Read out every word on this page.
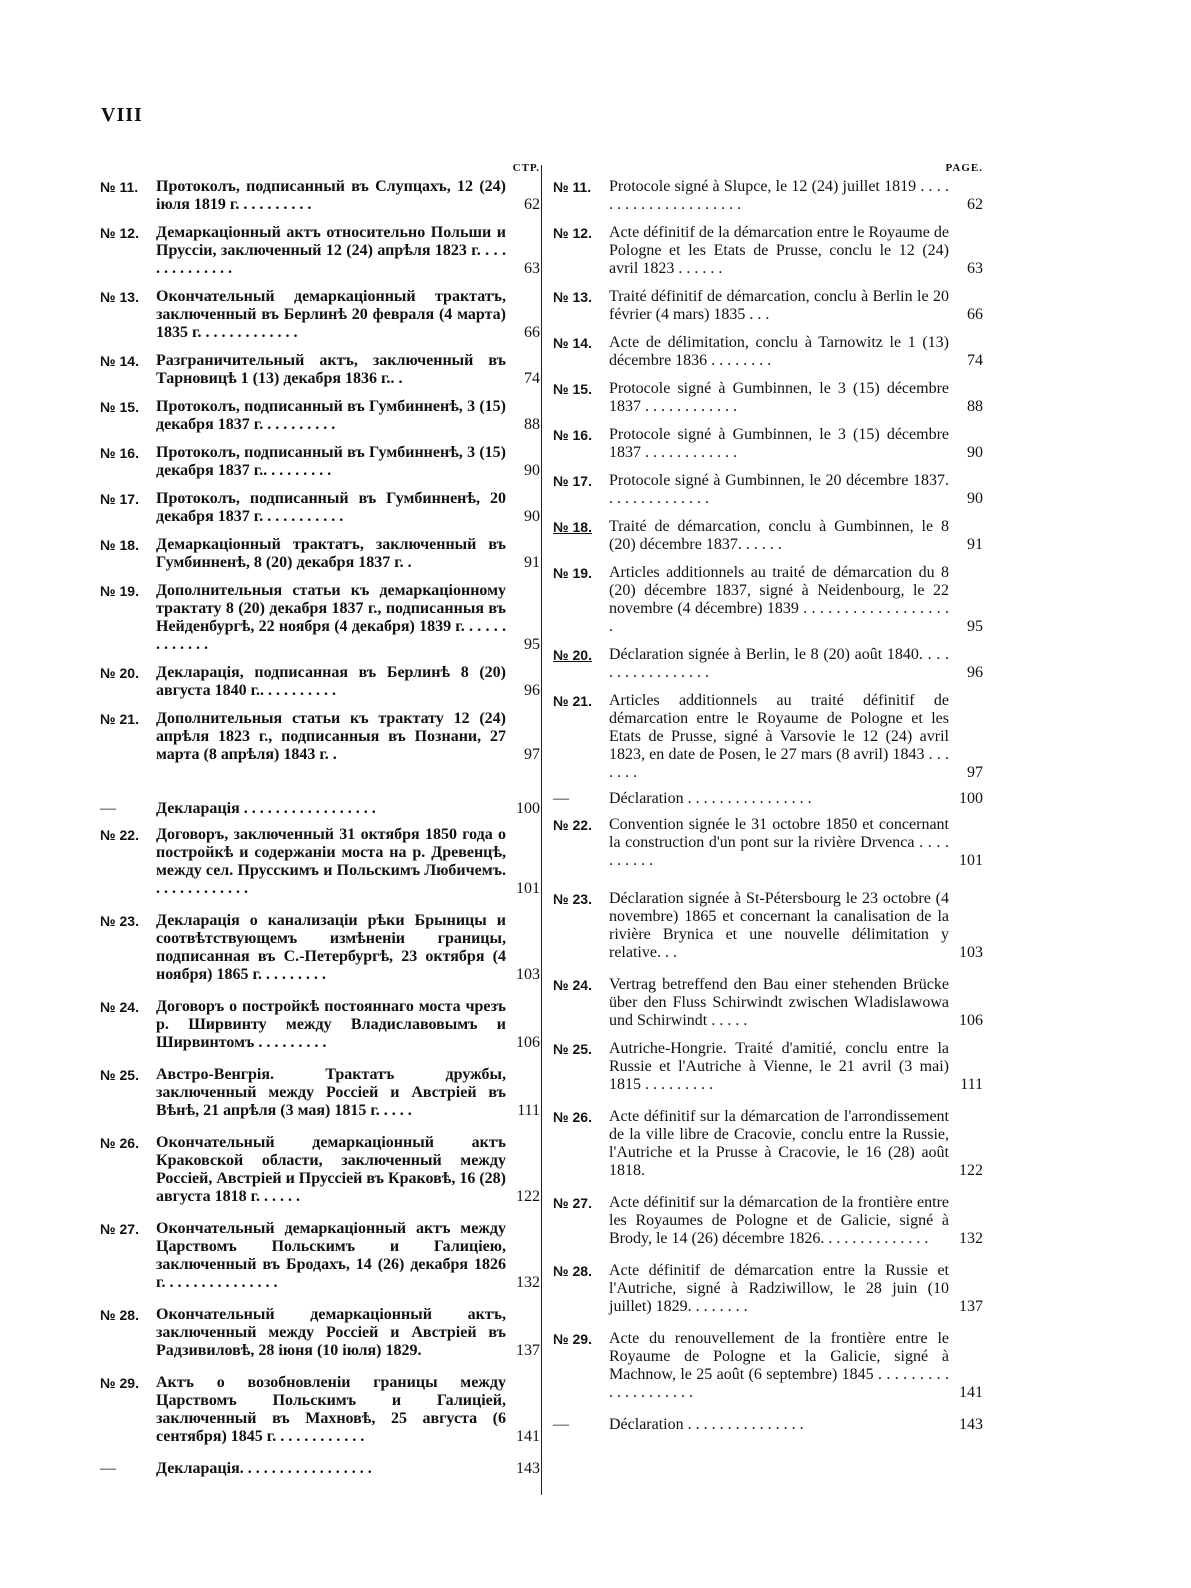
VIII
СТР.
№ 11.	Протоколъ, подписанный въ Слупцахъ, 12 (24) іюля 1819 г. . . . . . . . . .	62
№ 12.	Демаркаціонный актъ относительно Польши и Пруссіи, заключенный 12 (24) апрѣля 1823 г. . . . . . . . . . . . . .	63
№ 13.	Окончательный демаркаціонный трактатъ, заключенный въ Берлинѣ 20 февраля (4 марта) 1835 г. . . . . . . . . . . . .	66
№ 14.	Разграничительный актъ, заключенный въ Тарновицѣ 1 (13) декабря 1836 г.. .	74
№ 15.	Протоколъ, подписанный въ Гумбинненѣ, 3 (15) декабря 1837 г. . . . . . . . . .	88
№ 16.	Протоколъ, подписанный въ Гумбинненѣ, 3 (15) декабря 1837 г.. . . . . . . . .	90
№ 17.	Протоколъ, подписанный въ Гумбинненѣ, 20 декабря 1837 г. . . . . . . . . . .	90
№ 18.	Демаркаціонный трактатъ, заключенный въ Гумбинненѣ, 8 (20) декабря 1837 г. .	91
№ 19.	Дополнительныя статьи къ демаркаціонному трактату 8 (20) декабря 1837 г., подписанныя въ Нейденбургѣ, 22 ноября (4 декабря) 1839 г. . . . . . . . . . . . .	95
№ 20.	Декларація, подписанная въ Берлинѣ 8 (20) августа 1840 г.. . . . . . . . . .	96
№ 21.	Дополнительныя статьи къ трактату 12 (24) апрѣля 1823 г., подписанныя въ Познани, 27 марта (8 апрѣля) 1843 г. .	97
—	Декларація . . . . . . . . . . . . . . . . .	100
№ 22.	Договоръ, заключенный 31 октября 1850 года о постройкѣ и содержаніи моста на р. Древенцѣ, между сел. Прусскимъ и Польскимъ Любичемъ. . . . . . . . . . . . .	101
№ 23.	Декларація о канализаціи рѣки Брыницы и соотвѣтствующемъ измѣненіи границы, подписанная въ С.-Петербургѣ, 23 октября (4 ноября) 1865 г. . . . . . . . .	103
№ 24.	Договоръ о постройкѣ постояннаго моста чрезъ р. Ширвинту между Владиславовымъ и Ширвинтомъ . . . . . . . . .	106
№ 25.	Австро-Венгрія. Трактатъ дружбы, заключенный между Россіей и Австріей въ Вѣнѣ, 21 апрѣля (3 мая) 1815 г. . . . .	111
№ 26.	Окончательный демаркаціонный актъ Краковской области, заключенный между Россіей, Австріей и Пруссіей въ Краковѣ, 16 (28) августа 1818 г. . . . . .	122
№ 27.	Окончательный демаркаціонный актъ между Царствомъ Польскимъ и Галиціею, заключенный въ Бродахъ, 14 (26) декабря 1826 г. . . . . . . . . . . . . . .	132
№ 28.	Окончательный демаркаціонный актъ, заключенный между Россіей и Австріей въ Радзивиловѣ, 28 іюня (10 іюля) 1829.	137
№ 29.	Актъ о возобновленіи границы между Царствомъ Польскимъ и Галиціей, заключенный въ Махновѣ, 25 августа (6 сентября) 1845 г. . . . . . . . . . . .	141
—	Декларація. . . . . . . . . . . . . . . . .	143
PAGE.
№ 11.	Protocole signé à Slupce, le 12 (24) juillet 1819 . . . . . . . . . . . . . . . . . . . . .	62
№ 12.	Acte définitif de la démarcation entre le Royaume de Pologne et les Etats de Prusse, conclu le 12 (24) avril 1823 . . . . . .	63
№ 13.	Traité définitif de démarcation, conclu à Berlin le 20 février (4 mars) 1835 . . .	66
№ 14.	Acte de délimitation, conclu à Tarnowitz le 1 (13) décembre 1836 . . . . . . . .	74
№ 15.	Protocole signé à Gumbinnen, le 3 (15) décembre 1837 . . . . . . . . . . . .	88
№ 16.	Protocole signé à Gumbinnen, le 3 (15) décembre 1837 . . . . . . . . . . . .	90
№ 17.	Protocole signé à Gumbinnen, le 20 décembre 1837. . . . . . . . . . . . . .	90
№ 18.	Traité de démarcation, conclu à Gumbinnen, le 8 (20) décembre 1837. . . . . .	91
№ 19.	Articles additionnels au traité de démarcation du 8 (20) décembre 1837, signé à Neidenbourg, le 22 novembre (4 décembre) 1839 . . . . . . . . . . . . . . . . . . .	95
№ 20.	Déclaration signée à Berlin, le 8 (20) août 1840. . . . . . . . . . . . . . . . .	96
№ 21.	Articles additionnels au traité définitif de démarcation entre le Royaume de Pologne et les Etats de Prusse, signé à Varsovie le 12 (24) avril 1823, en date de Posen, le 27 mars (8 avril) 1843 . . . . . . .	97
—	Déclaration . . . . . . . . . . . . . . . .	100
№ 22.	Convention signée le 31 octobre 1850 et concernant la construction d'un pont sur la rivière Drvenca . . . . . . . . . .	101
№ 23.	Déclaration signée à St-Pétersbourg le 23 octobre (4 novembre) 1865 et concernant la canalisation de la rivière Brynica et une nouvelle délimitation y relative. . .	103
№ 24.	Vertrag betreffend den Bau einer stehenden Brücke über den Fluss Schirwindt zwischen Wladislawowa und Schirwindt . . . . .	106
№ 25.	Autriche-Hongrie. Traité d'amitié, conclu entre la Russie et l'Autriche à Vienne, le 21 avril (3 mai) 1815 . . . . . . . . .	111
№ 26.	Acte définitif sur la démarcation de l'arrondissement de la ville libre de Cracovie, conclu entre la Russie, l'Autriche et la Prusse à Cracovie, le 16 (28) août 1818.	122
№ 27.	Acte définitif sur la démarcation de la frontière entre les Royaumes de Pologne et de Galicie, signé à Brody, le 14 (26) décembre 1826. . . . . . . . . . . . . .	132
№ 28.	Acte définitif de démarcation entre la Russie et l'Autriche, signé à Radziwillow, le 28 juin (10 juillet) 1829. . . . . . . .	137
№ 29.	Acte du renouvellement de la frontière entre le Royaume de Pologne et la Galicie, signé à Machnow, le 25 août (6 septembre) 1845 . . . . . . . . . . . . . . . . . . . .	141
—	Déclaration . . . . . . . . . . . . . . .	143
